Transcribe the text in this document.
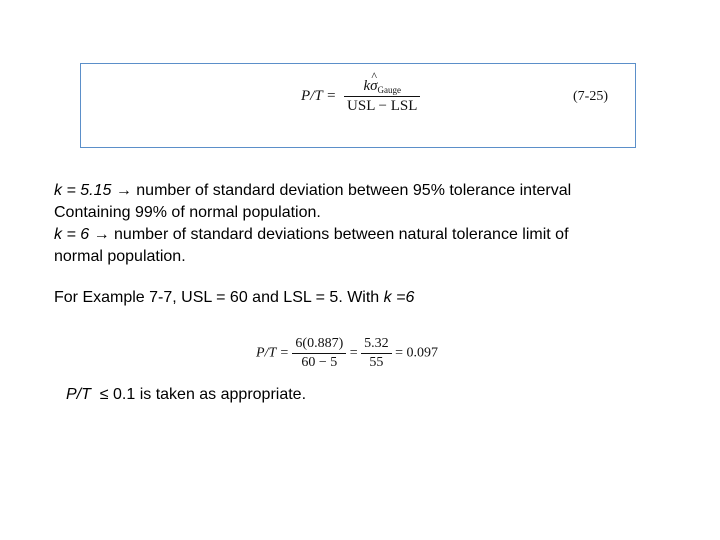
$P/T = \frac{k\^{} \sigma_{Gauge}}{\text{USL − LSL}}$	(7-25)

k = 5.15 → number of standard deviation between 95% tolerance interval

Containing 99% of normal population.

k = 6 → number of standard deviations between natural tolerance limit of

normal population.

For Example 7-7, USL = 60 and LSL = 5. With k =6
$P/T = \frac{6(0.887)}{60 - 5} = \frac{5.32}{55} = 0.097$
P/T  ≤ 0.1 is taken as appropriate.
